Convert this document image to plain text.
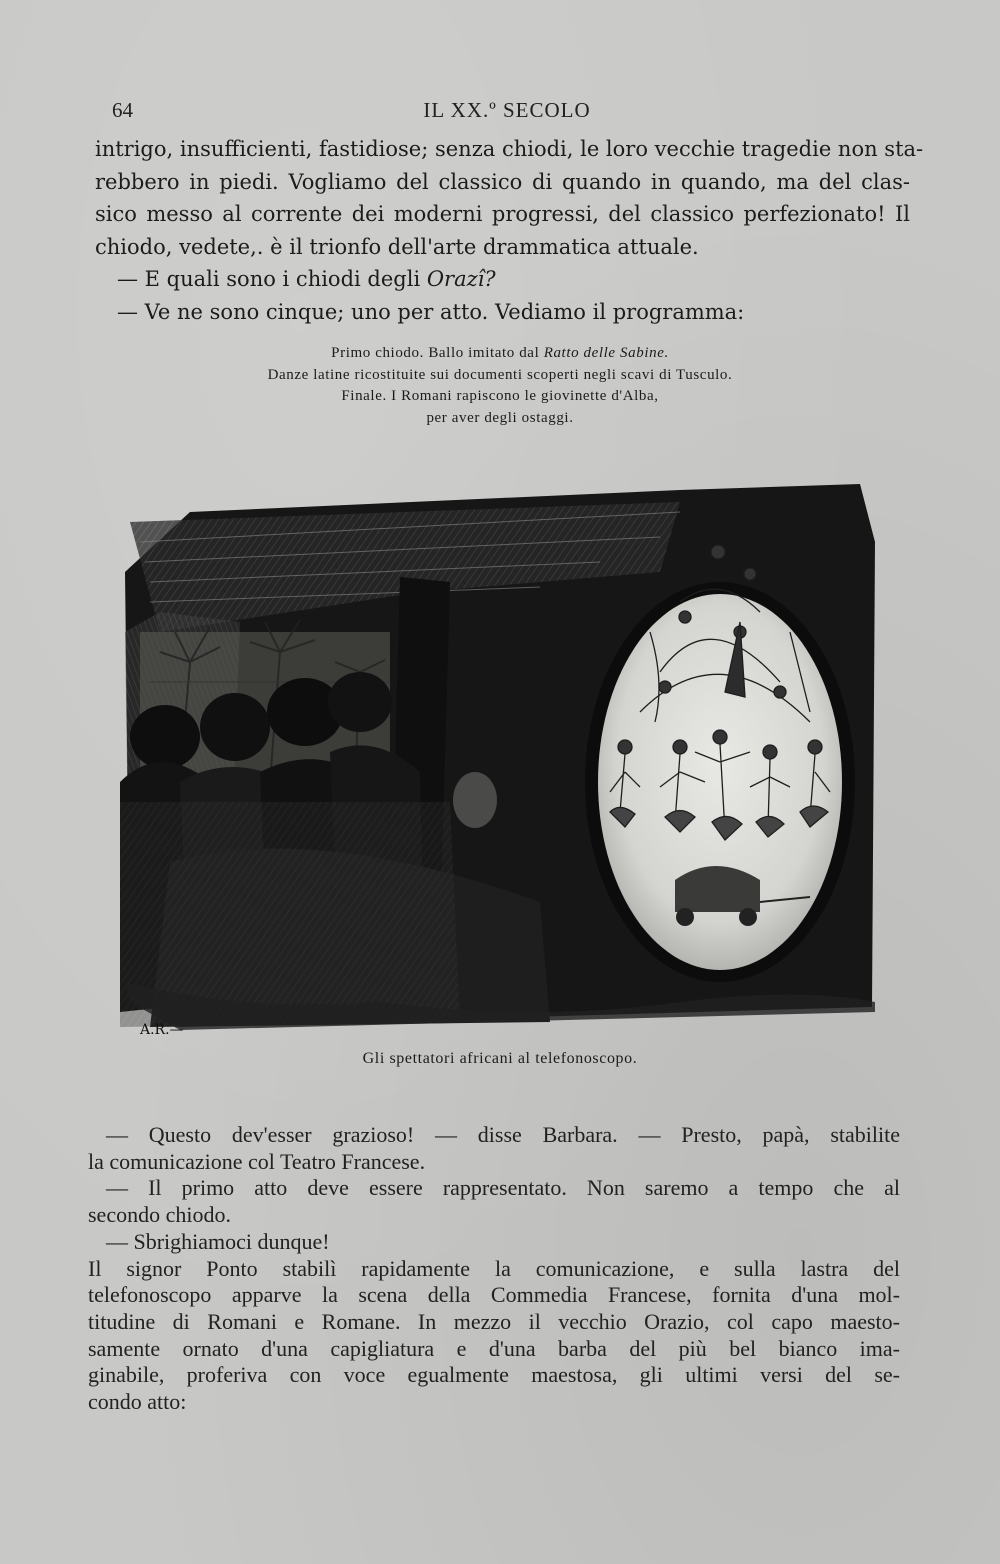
64	IL XX.º SECOLO
intrigo, insufficienti, fastidiose; senza chiodi, le loro vecchie tragedie non sta-
rebbero in piedi. Vogliamo del classico di quando in quando, ma del clas-
sico messo al corrente dei moderni progressi, del classico perfezionato! Il
chiodo, vedete,. è il trionfo dell'arte drammatica attuale.
— E quali sono i chiodi degli Orazî?
— Ve ne sono cinque; uno per atto. Vediamo il programma:
Primo chiodo. Ballo imitato dal Ratto delle Sabine.
Danze latine ricostituite sui documenti scoperti negli scavi di Tusculo.
Finale. I Romani rapiscono le giovinette d'Alba,
per aver degli ostaggi.
A.R.—
Gli spettatori africani al telefonoscopo.
— Questo dev'esser grazioso! — disse Barbara. — Presto, papà, stabilite
la comunicazione col Teatro Francese.
— Il primo atto deve essere rappresentato. Non saremo a tempo che al
secondo chiodo.
— Sbrighiamoci dunque!
Il signor Ponto stabilì rapidamente la comunicazione, e sulla lastra del
telefonoscopo apparve la scena della Commedia Francese, fornita d'una mol-
titudine di Romani e Romane. In mezzo il vecchio Orazio, col capo maesto-
samente ornato d'una capigliatura e d'una barba del più bel bianco ima-
ginabile, proferiva con voce egualmente maestosa, gli ultimi versi del se-
condo atto:
